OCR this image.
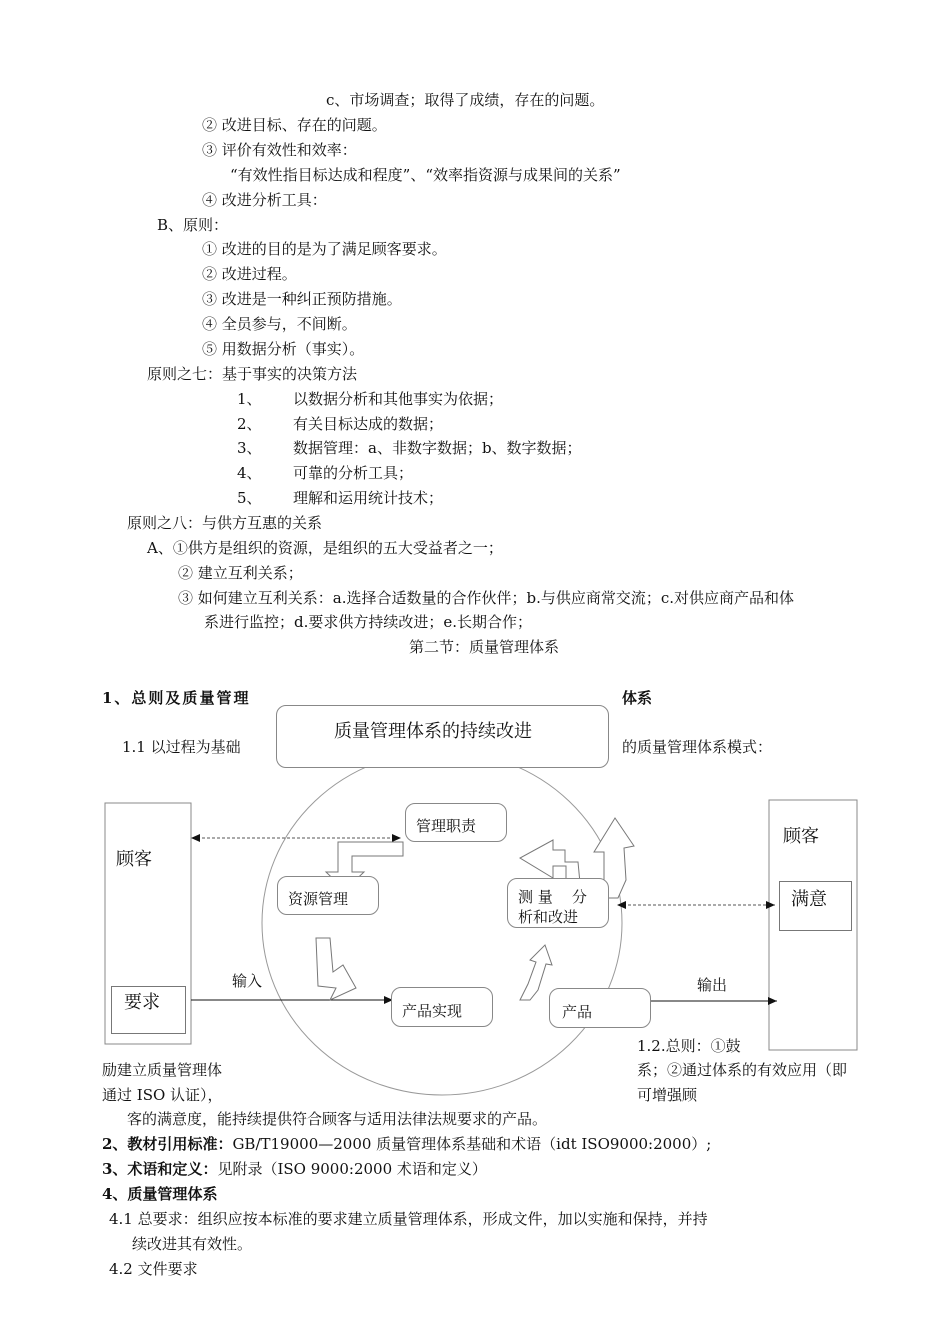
c、市场调查；取得了成绩，存在的问题。
② 改进目标、存在的问题。
③ 评价有效性和效率：
“有效性指目标达成和程度”、“效率指资源与成果间的关系”
④ 改进分析工具：
B、原则：
① 改进的目的是为了满足顾客要求。
② 改进过程。
③ 改进是一种纠正预防措施。
④ 全员参与，不间断。
⑤ 用数据分析（事实）。
原则之七：基于事实的决策方法
1、 以数据分析和其他事实为依据；
2、 有关目标达成的数据；
3、 数据管理：a、非数字数据；b、数字数据；
4、 可靠的分析工具；
5、 理解和运用统计技术；
原则之八：与供方互惠的关系
A、①供方是组织的资源，是组织的五大受益者之一；
② 建立互利关系；
③ 如何建立互利关系：a.选择合适数量的合作伙伴；b.与供应商常交流；c.对供应商产品和体
系进行监控；d.要求供方持续改进；e.长期合作；
第二节：质量管理体系
1、总则及质量管理	体系
1.1 以过程为基础	的质量管理体系模式：
质量管理体系的持续改进
顾客
要求
顾客
满意
管理职责
资源管理	测 量    分
析和改进
产品实现	产品
输入	输出
励建立质量管理体
通过 ISO 认证），
1.2.总则：①鼓
系；②通过体系的有效应用（即
可增强顾
客的满意度，能持续提供符合顾客与适用法律法规要求的产品。
2、教材引用标准：GB/T19000—2000 质量管理体系基础和术语（idt ISO9000:2000）;
3、术语和定义：见附录（ISO 9000:2000 术语和定义）
4、质量管理体系
4.1 总要求：组织应按本标准的要求建立质量管理体系，形成文件，加以实施和保持，并持
续改进其有效性。
4.2 文件要求
